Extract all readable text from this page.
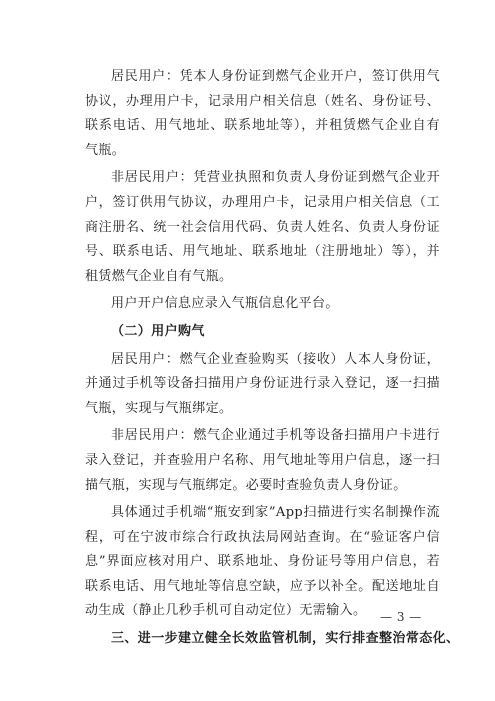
居民用户：凭本人身份证到燃气企业开户，签订供用气协议，办理用户卡，记录用户相关信息（姓名、身份证号、联系电话、用气地址、联系地址等），并租赁燃气企业自有气瓶。

非居民用户：凭营业执照和负责人身份证到燃气企业开户，签订供用气协议，办理用户卡，记录用户相关信息（工商注册名、统一社会信用代码、负责人姓名、负责人身份证号、联系电话、用气地址、联系地址（注册地址）等），并租赁燃气企业自有气瓶。

用户开户信息应录入气瓶信息化平台。

（二）用户购气

居民用户：燃气企业查验购买（接收）人本人身份证，并通过手机等设备扫描用户身份证进行录入登记，逐一扫描气瓶，实现与气瓶绑定。

非居民用户：燃气企业通过手机等设备扫描用户卡进行录入登记，并查验用户名称、用气地址等用户信息，逐一扫描气瓶，实现与气瓶绑定。必要时查验负责人身份证。

具体通过手机端“瓶安到家”App扫描进行实名制操作流程，可在宁波市综合行政执法局网站查询。在“验证客户信息”界面应核对用户、联系地址、身份证号等用户信息，若联系电话、用气地址等信息空缺，应予以补全。配送地址自动生成（静止几秒手机可自动定位）无需输入。

三、进一步建立健全长效监管机制，实行排查整治常态化、

— 3 —
